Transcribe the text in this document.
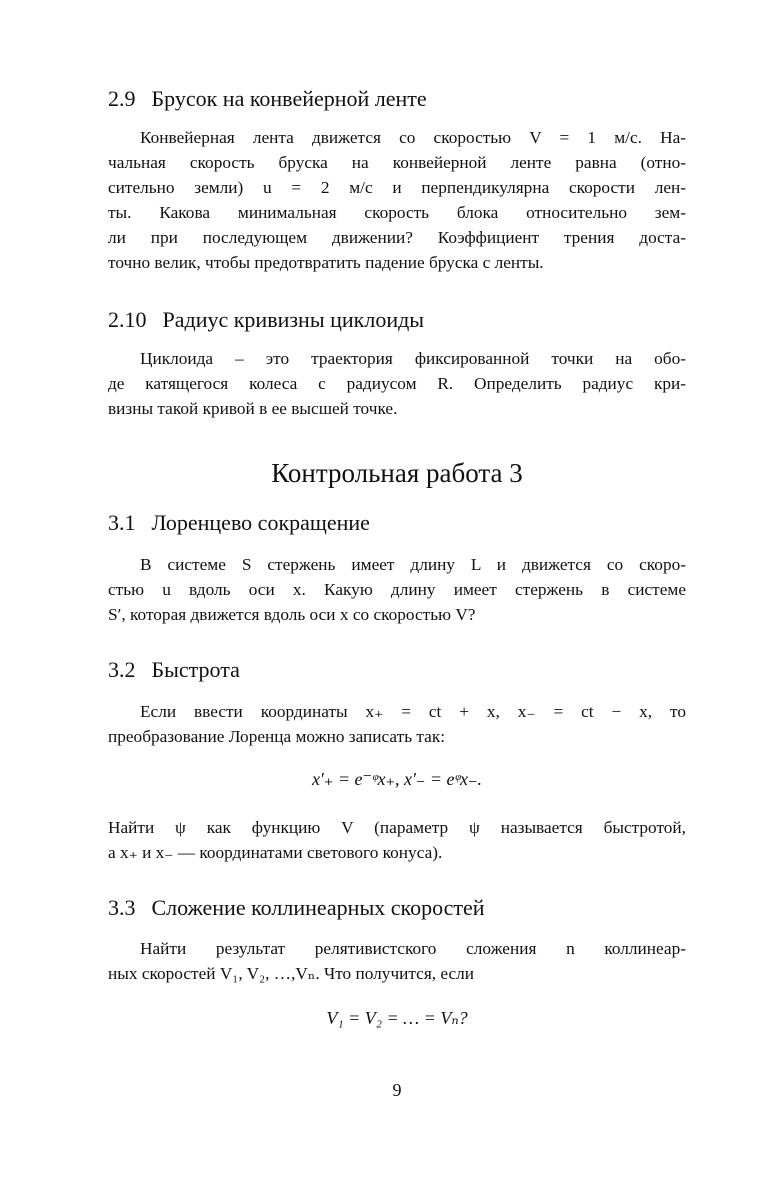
2.9 Брусок на конвейерной ленте
Конвейерная лента движется со скоростью V = 1 м/с. На-
чальная скорость бруска на конвейерной ленте равна (отно-
сительно земли) u = 2 м/с и перпендикулярна скорости лен-
ты. Какова минимальная скорость блока относительно зем-
ли при последующем движении? Коэффициент трения доста-
точно велик, чтобы предотвратить падение бруска с ленты.
2.10 Радиус кривизны циклоиды
Циклоида – это траектория фиксированной точки на обо-
де катящегося колеса с радиусом R. Определить радиус кри-
визны такой кривой в ее высшей точке.
Контрольная работа 3
3.1 Лоренцево сокращение
В системе S стержень имеет длину L и движется со скоро-
стью u вдоль оси x. Какую длину имеет стержень в системе
S′, которая движется вдоль оси x со скоростью V?
3.2 Быстрота
Если ввести координаты x₊ = ct + x, x₋ = ct − x, то
преобразование Лоренца можно записать так:
x′₊ = e⁻ᵠx₊, x′₋ = eᵠx₋.
Найти ψ как функцию V (параметр ψ называется быстротой,
а x₊ и x₋ — координатами светового конуса).
3.3 Сложение коллинеарных скоростей
Найти результат релятивистского сложения n коллинеар-
ных скоростей V₁, V₂, …,Vₙ. Что получится, если
V₁ = V₂ = … = Vₙ?
9
